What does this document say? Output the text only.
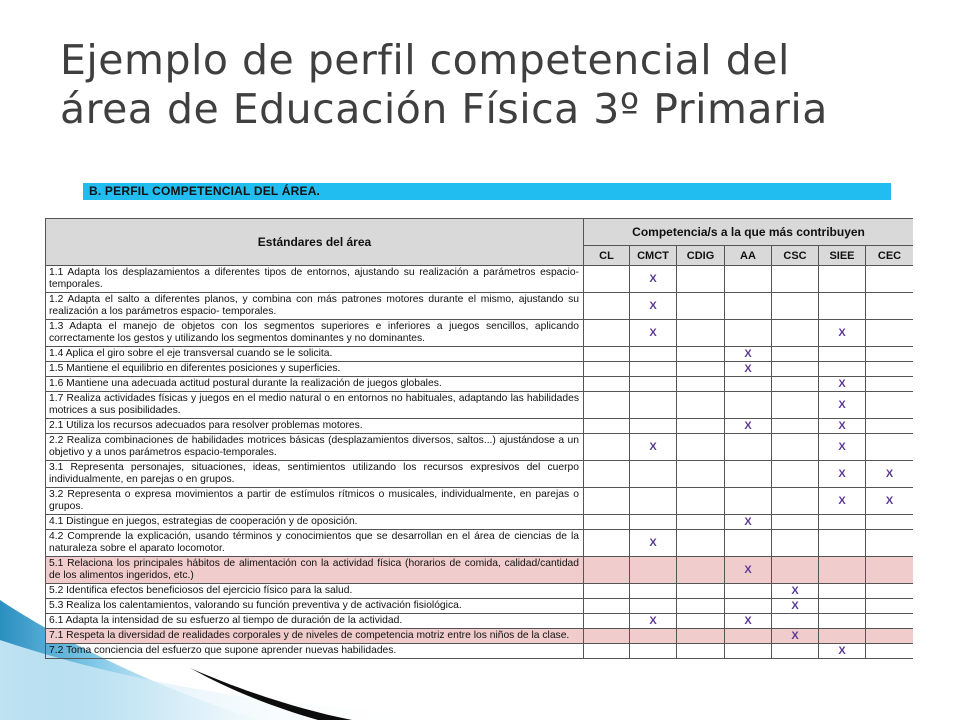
Ejemplo de perfil competencial del
área de Educación Física 3º Primaria
B. PERFIL COMPETENCIAL DEL ÁREA.
Estándares del área	Competencia/s a la que más contribuyen						
	CL	CMCT	CDIG	AA	CSC	SIEE	CEC
1.1 Adapta los desplazamientos a diferentes tipos de entornos, ajustando su realización a parámetros espacio-temporales.		X					
1.2 Adapta el salto a diferentes planos, y combina con más patrones motores durante el mismo, ajustando su realización a los parámetros espacio- temporales.		X					
1.3 Adapta el manejo de objetos con los segmentos superiores e inferiores a juegos sencillos, aplicando correctamente los gestos y utilizando los segmentos dominantes y no dominantes.		X				X	
1.4 Aplica el giro sobre el eje transversal cuando se le solicita.				X			
1.5 Mantiene el equilibrio en diferentes posiciones y superficies.				X			
1.6 Mantiene una adecuada actitud postural durante la realización de juegos globales.						X	
1.7 Realiza actividades físicas y juegos en el medio natural o en entornos no habituales, adaptando las habilidades motrices a sus posibilidades.						X	
2.1 Utiliza los recursos adecuados para resolver problemas motores.				X		X	
2.2 Realiza combinaciones de habilidades motrices básicas (desplazamientos diversos, saltos...) ajustándose a un objetivo y a unos parámetros espacio-temporales.		X				X	
3.1 Representa personajes, situaciones, ideas, sentimientos utilizando los recursos expresivos del cuerpo individualmente, en parejas o en grupos.						X	X
3.2 Representa o expresa movimientos a partir de estímulos rítmicos o musicales, individualmente, en parejas o grupos.						X	X
4.1 Distingue en juegos, estrategias de cooperación y de oposición.				X			
4.2 Comprende la explicación, usando términos y conocimientos que se desarrollan en el área de ciencias de la naturaleza sobre el aparato locomotor.		X					
5.1 Relaciona los principales hábitos de alimentación con la actividad física (horarios de comida, calidad/cantidad de los alimentos ingeridos, etc.)				X			
5.2 Identifica efectos beneficiosos del ejercicio físico para la salud.					X		
5.3 Realiza los calentamientos, valorando su función preventiva y de activación fisiológica.					X		
6.1 Adapta la intensidad de su esfuerzo al tiempo de duración de la actividad.		X		X			
7.1 Respeta la diversidad de realidades corporales y de niveles de competencia motriz entre los niños de la clase.					X		
7.2 Toma conciencia del esfuerzo que supone aprender nuevas habilidades.						X	
